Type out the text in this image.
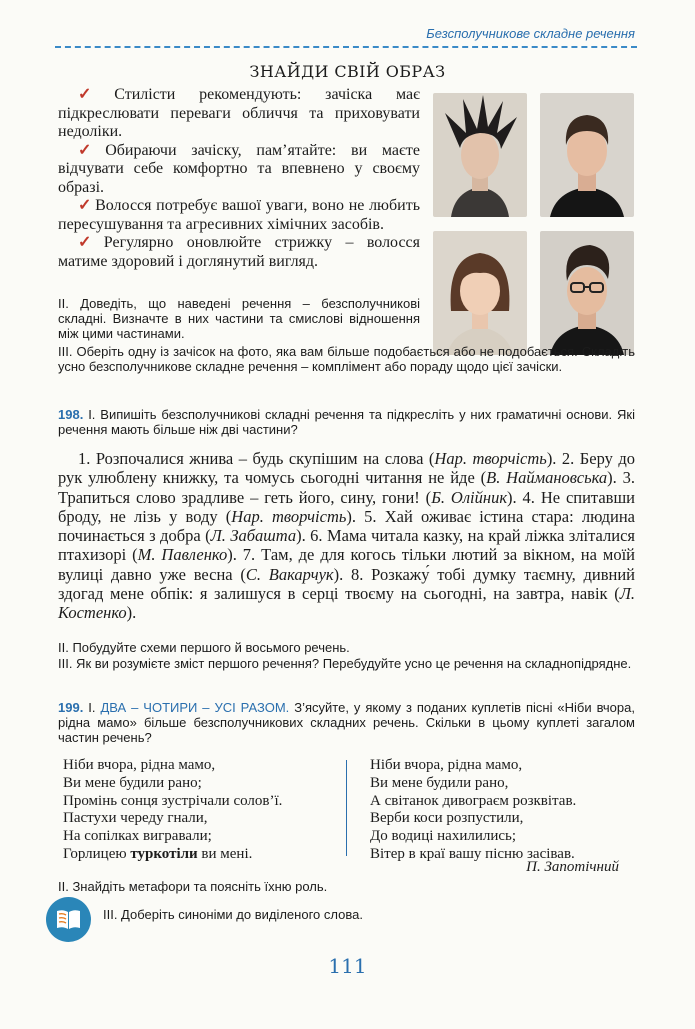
Безсполучникове складне речення
ЗНАЙДИ СВІЙ ОБРАЗ

✓ Стилісти рекомендують: зачіска має підкреслювати переваги обличчя та приховувати недоліки.

✓ Обираючи зачіску, пам’ятайте: ви маєте відчувати себе комфортно та впевнено у своєму образі.

✓ Волосся потребує вашої уваги, воно не любить пересушування та агресивних хімічних засобів.

✓ Регулярно оновлюйте стрижку – волосся матиме здоровий і доглянутий вигляд.

II. Доведіть, що наведені речення – безсполучникові складні. Визначте в них частини та смислові відношення між цими частинами.
III. Оберіть одну із зачісок на фото, яка вам більше подобається або не подобається. Складіть усно безсполучникове складне речення – комплімент або пораду щодо цієї зачіски.

198. І. Випишіть безсполучникові складні речення та підкресліть у них граматичні основи. Які речення мають більше ніж дві частини?

1. Розпочалися жнива – будь скупішим на слова (Нар. творчість). 2. Беру до рук улюблену книжку, та чомусь сьогодні читання не йде (В. Наймановська). 3. Трапиться слово зрадливе – геть його, сину, гони! (Б. Олійник). 4. Не спитавши броду, не лізь у воду (Нар. творчість). 5. Хай оживає істина стара: людина починається з добра (Л. Забашта). 6. Мама читала казку, на край ліжка зліталися птахизорі (М. Павленко). 7. Там, де для когось тільки лютий за вікном, на моїй вулиці давно уже весна (С. Вакарчук). 8. Розкажу́ тобі думку таємну, дивний здогад мене обпік: я залишуся в серці твоєму на сьогодні, на завтра, навік (Л. Костенко).

II. Побудуйте схеми першого й восьмого речень.
III. Як ви розумієте зміст першого речення? Перебудуйте усно це речення на складнопідрядне.

199. І. ДВА – ЧОТИРИ – УСІ РАЗОМ. З’ясуйте, у якому з поданих куплетів пісні «Ніби вчора, рідна мамо» більше безсполучникових складних речень. Скільки в цьому куплеті загалом частин речень?

Ніби вчора, рідна мамо,
Ви мене будили рано;
Промінь сонця зустрічали солов’ї.
Пастухи череду гнали,
На сопілках вигравали;
Горлицею туркотіли ви мені.
Ніби вчора, рідна мамо,
Ви мене будили рано,
А світанок дивограєм розквітав.
Верби коси розпустили,
До водиці нахилились;
Вітер в краї вашу пісню засівав.
П. Запотічний
II. Знайдіть метафори та поясніть їхню роль.
III. Доберіть синоніми до виділеного слова.
111
